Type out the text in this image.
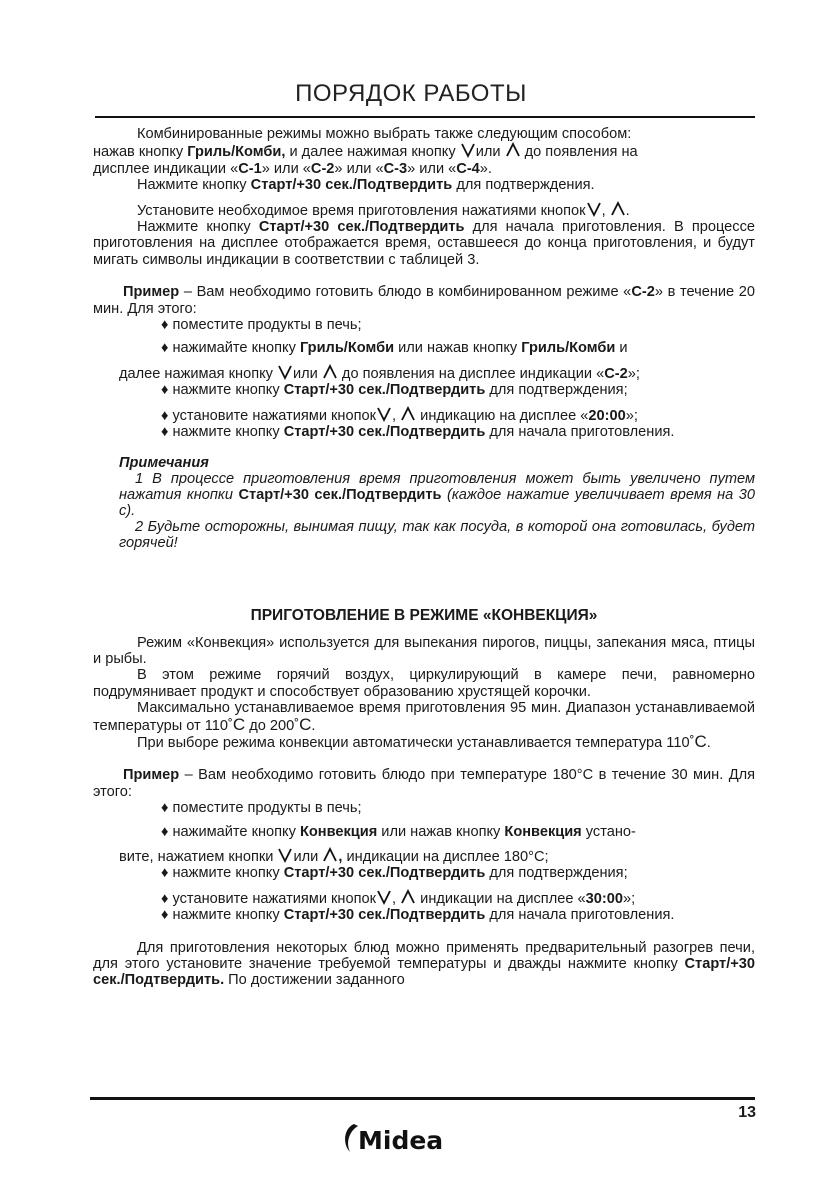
ПОРЯДОК РАБОТЫ

Комбинированные режимы можно выбрать также следующим способом:

нажав кнопку Гриль/Комби, и далее нажимая кнопку или  до появления на

дисплее индикации «С-1» или «С-2» или «С-3» или «С-4».

Нажмите кнопку Старт/+30 сек./Подтвердить для подтверждения.

Установите необходимое время приготовления нажатиями кнопок , .

Нажмите кнопку Старт/+30 сек./Подтвердить для начала приготовления. В процессе приготовления на дисплее отображается время, оставшееся до конца приготовления, и будут мигать символы индикации в соответствии с таблицей 3.

Пример – Вам необходимо готовить блюдо в комбинированном режиме «С-2» в течение 20 мин. Для этого:

♦ поместите продукты в печь;

♦ нажимайте кнопку Гриль/Комби или нажав кнопку Гриль/Комби и

далее нажимая кнопку или  до появления на дисплее индикации «С-2»;

♦ нажмите кнопку Старт/+30 сек./Подтвердить для подтверждения;

♦ установите нажатиями кнопок ,  индикацию на дисплее «20:00»;

♦ нажмите кнопку Старт/+30 сек./Подтвердить для начала приготовления.

Примечания

1 В процессе приготовления время приготовления может быть увеличено путем нажатия кнопки Старт/+30 сек./Подтвердить (каждое нажатие увеличивает время на 30 с).

2 Будьте осторожны, вынимая пищу, так как посуда, в которой она готовилась, будет горячей!

ПРИГОТОВЛЕНИЕ В РЕЖИМЕ «КОНВЕКЦИЯ»

Режим «Конвекция» используется для выпекания пирогов, пиццы, запекания мяса, птицы и рыбы.

В этом режиме горячий воздух, циркулирующий в камере печи, равномерно подрумянивает продукт и способствует образованию хрустящей корочки.

Максимально устанавливаемое время приготовления 95 мин. Диапазон устанавливаемой температуры от 110˚С до 200˚С.

При выборе режима конвекции автоматически устанавливается температура 110˚С.

Пример – Вам необходимо готовить блюдо при температуре 180°С в течение 30 мин. Для этого:

♦ поместите продукты в печь;

♦ нажимайте кнопку Конвекция или нажав кнопку Конвекция устано-

вите, нажатием кнопки или , индикации на дисплее 180°С;

♦ нажмите кнопку Старт/+30 сек./Подтвердить для подтверждения;

♦ установите нажатиями кнопок ,  индикации на дисплее «30:00»;

♦ нажмите кнопку Старт/+30 сек./Подтвердить для начала приготовления.

Для приготовления некоторых блюд можно применять предварительный разогрев печи, для этого установите значение требуемой температуры и дважды нажмите кнопку Старт/+30 сек./Подтвердить. По достижении заданного

13
Midea
